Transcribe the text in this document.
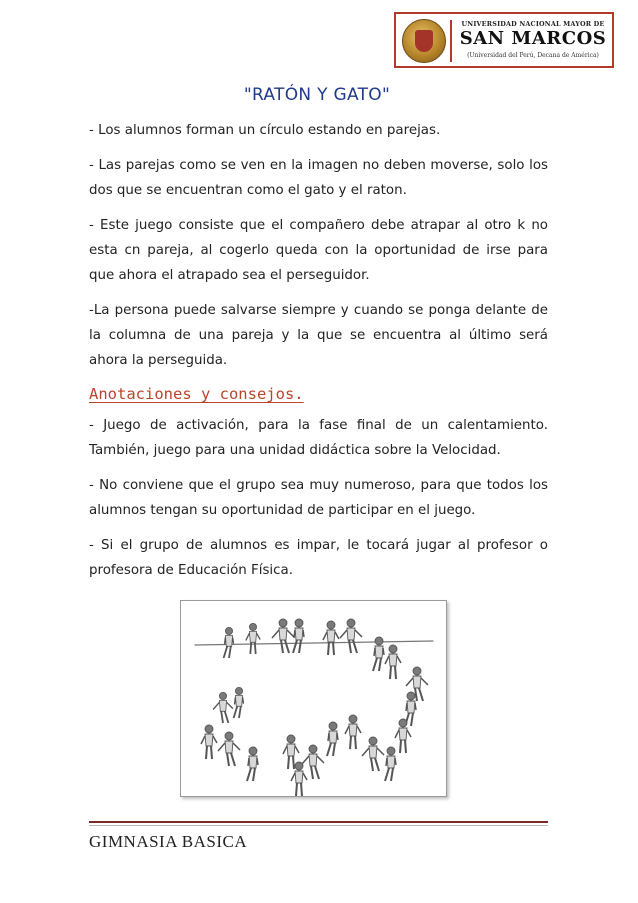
UNIVERSIDAD NACIONAL MAYOR DE
SAN MARCOS
(Universidad del Perú, Decana de América)
"RATÓN Y GATO"

- Los alumnos forman un círculo estando en parejas.

- Las parejas como se ven en la imagen no deben moverse, solo los dos que se encuentran como el gato y el raton.

- Este juego consiste que el compañero debe atrapar al otro k no esta cn pareja, al cogerlo queda con la oportunidad de irse para que ahora el atrapado sea el perseguidor.

-La persona puede salvarse siempre y cuando se ponga delante de la columna de una pareja y la que se encuentra al último será ahora la perseguida.

Anotaciones y consejos.

- Juego de activación, para la fase final de un calentamiento. También, juego para una unidad didáctica sobre la Velocidad.

- No conviene que el grupo sea muy numeroso, para que todos los alumnos tengan su oportunidad de participar en el juego.

- Si el grupo de alumnos es impar, le tocará jugar al profesor o profesora de Educación Física.

GIMNASIA BASICA
